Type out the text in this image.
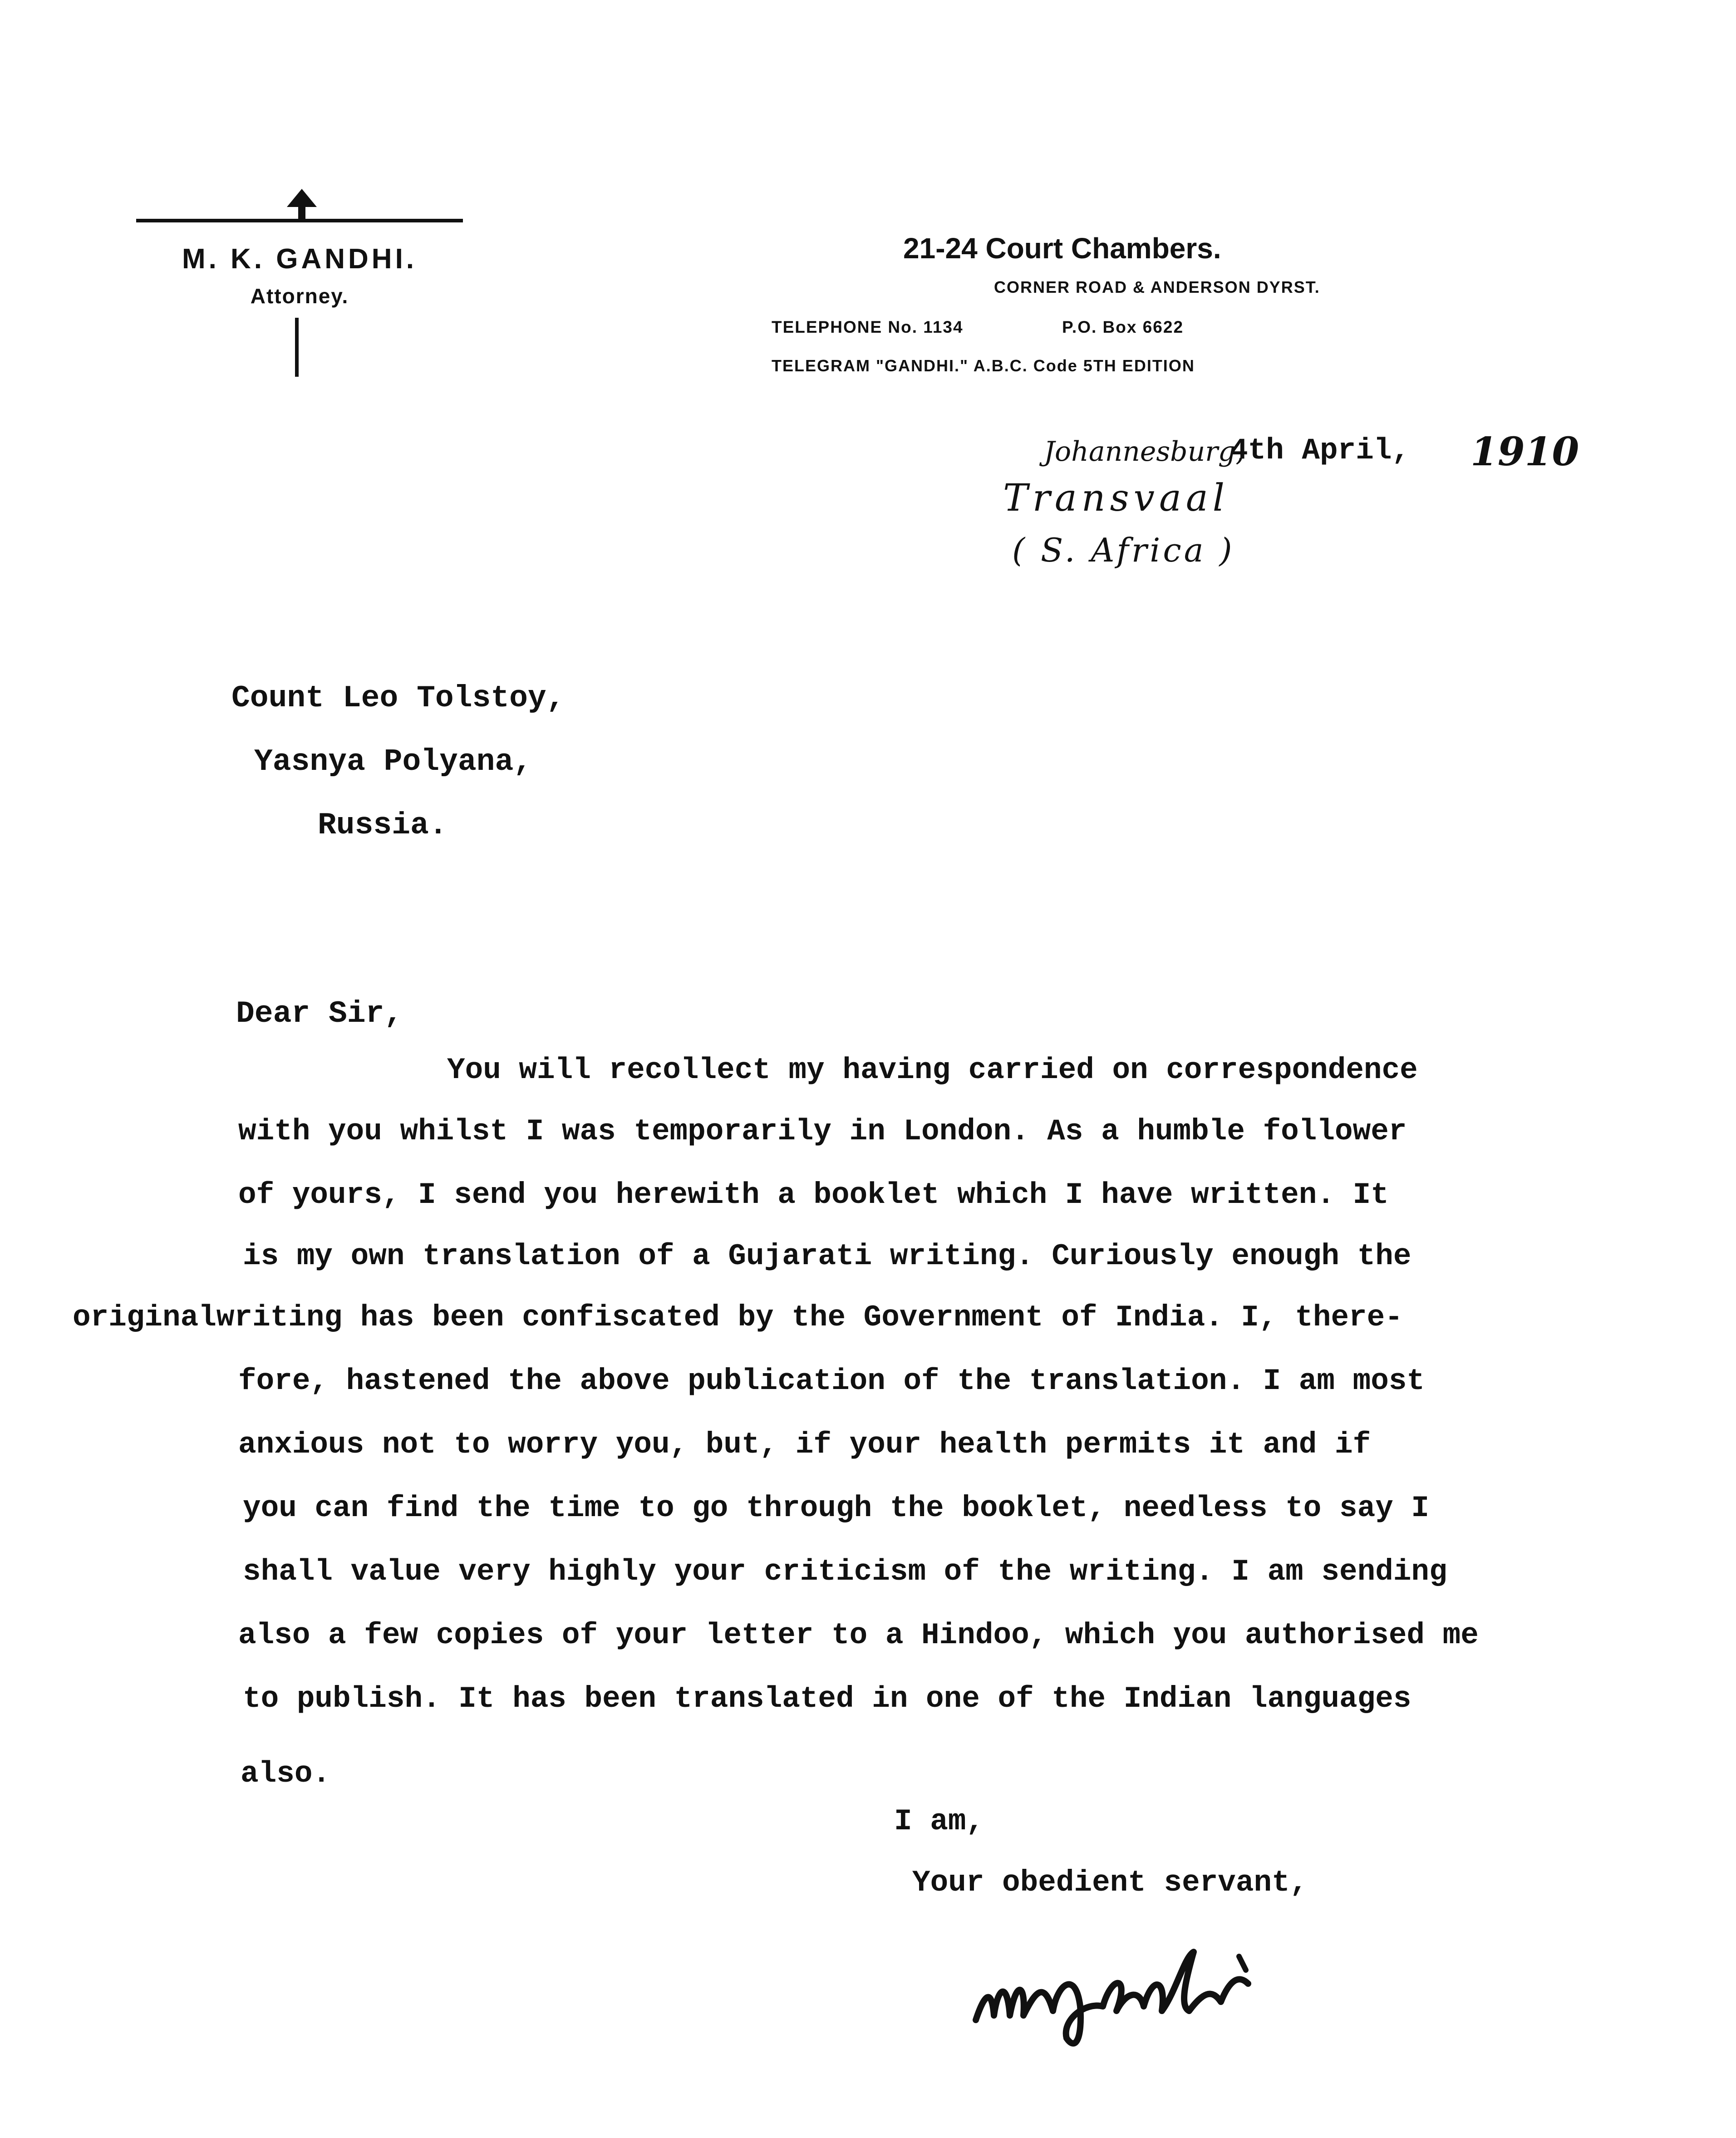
M. K. GANDHI.
Attorney.
21-24 Court Chambers.
CORNER ROAD & ANDERSON DYRST.
TELEPHONE No. 1134	P.O. Box 6622
TELEGRAM "GANDHI." A.B.C. Code 5TH EDITION
Johannesburg,
4th April, 1910
Transvaal
( S. Africa )
Count Leo Tolstoy,
Yasnya Polyana,
Russia.
Dear Sir,
You will recollect my having carried on correspondence
with you whilst I was temporarily in London. As a humble follower
of yours, I send you herewith a booklet which I have written. It
is my own translation of a Gujarati writing. Curiously enough the
originalwriting has been confiscated by the Government of India. I, there-
fore, hastened the above publication of the translation. I am most
anxious not to worry you, but, if your health permits it and if
you can find the time to go through the booklet, needless to say I
shall value very highly your criticism of the writing. I am sending
also a few copies of your letter to a Hindoo, which you authorised me
to publish. It has been translated in one of the Indian languages
also.
I am,
Your obedient servant,
